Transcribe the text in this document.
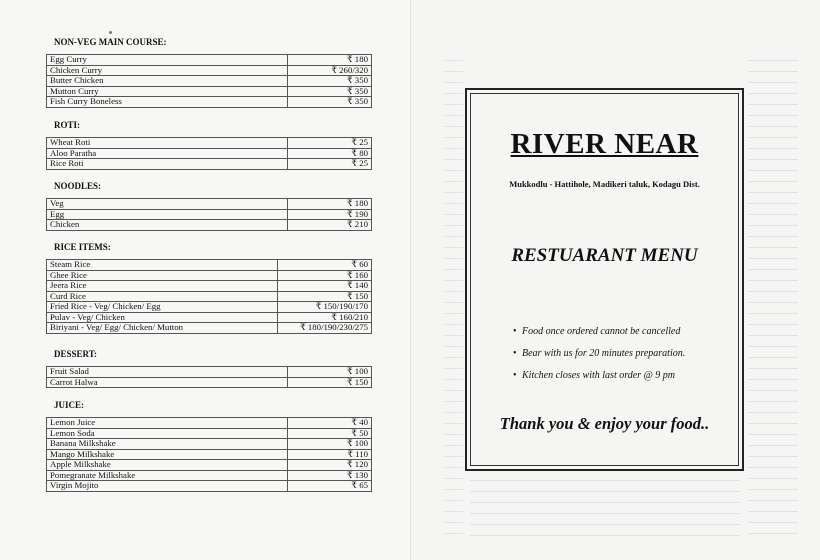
NON-VEG MAIN COURSE:
Egg Curry	₹ 180
Chicken Curry	₹ 260/320
Butter Chicken	₹ 350
Mutton Curry	₹ 350
Fish Curry Boneless	₹ 350
ROTI:
Wheat Roti	₹ 25
Aloo Paratha	₹ 80
Rice Roti	₹ 25
NOODLES:
Veg	₹ 180
Egg	₹ 190
Chicken	₹ 210
RICE ITEMS:
Steam Rice	₹ 60
Ghee Rice	₹ 160
Jeera Rice	₹ 140
Curd Rice	₹ 150
Fried Rice - Veg/ Chicken/ Egg	₹ 150/190/170
Pulav - Veg/ Chicken	₹ 160/210
Biriyani - Veg/ Egg/ Chicken/ Mutton	₹ 180/190/230/275
DESSERT:
Fruit Salad	₹ 100
Carrot Halwa	₹ 150
JUICE:
Lemon Juice	₹ 40
Lemon Soda	₹ 50
Banana Milkshake	₹ 100
Mango Milkshake	₹ 110
Apple Milkshake	₹ 120
Pomegranate Milkshake	₹ 130
Virgin Mojito	₹ 65
RIVER NEAR
Mukkodlu - Hattihole, Madikeri taluk, Kodagu Dist.
RESTUARANT MENU
• Food once ordered cannot be cancelled
• Bear with us for 20 minutes preparation.
• Kitchen closes with last order @ 9 pm
Thank you & enjoy your food..
